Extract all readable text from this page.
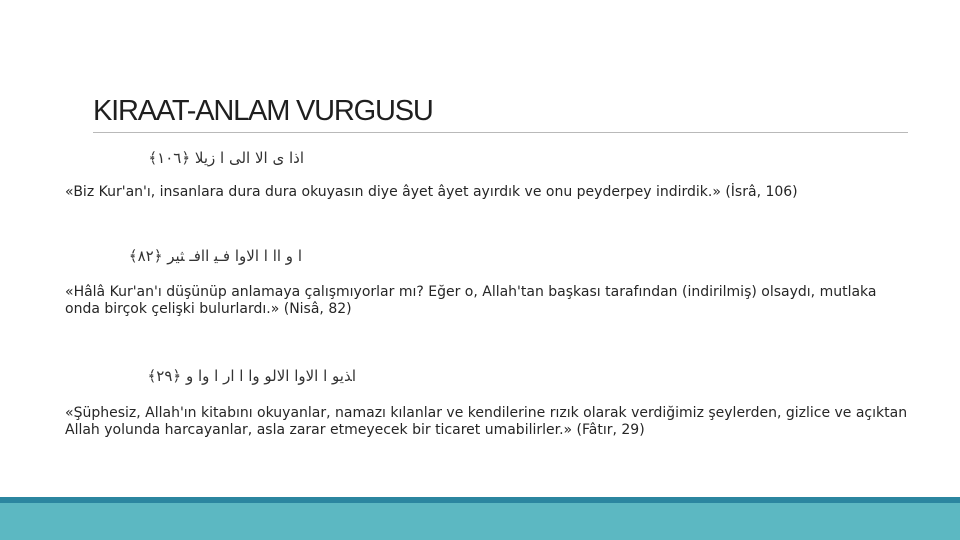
KIRAAT-ANLAM VURGUSU
اذا ى الا الى ا زيلا ﴿١٠٦﴾
«Biz Kur'an'ı, insanlara dura dura okuyasın diye âyet âyet ayırdık ve onu peyderpey indirdik.» (İsrâ, 106)
ا و اا ا الاوا فـﻴ اافـ ﺜﻴﺮ ﴿٨٢﴾
«Hâlâ Kur'an'ı düşünüp anlamaya çalışmıyorlar mı? Eğer o, Allah'tan başkası tarafından (indirilmiş) olsaydı, mutlaka onda birçok çelişki bulurlardı.» (Nisâ, 82)
اﺬﻳﻮ ا الاوا الاﻟﻮ وا ا ار ا وا و ﴿٢٩﴾
«Şüphesiz, Allah'ın kitabını okuyanlar, namazı kılanlar ve kendilerine rızık olarak verdiğimiz şeylerden, gizlice ve açıktan Allah yolunda harcayanlar, asla zarar etmeyecek bir ticaret umabilirler.» (Fâtır, 29)
